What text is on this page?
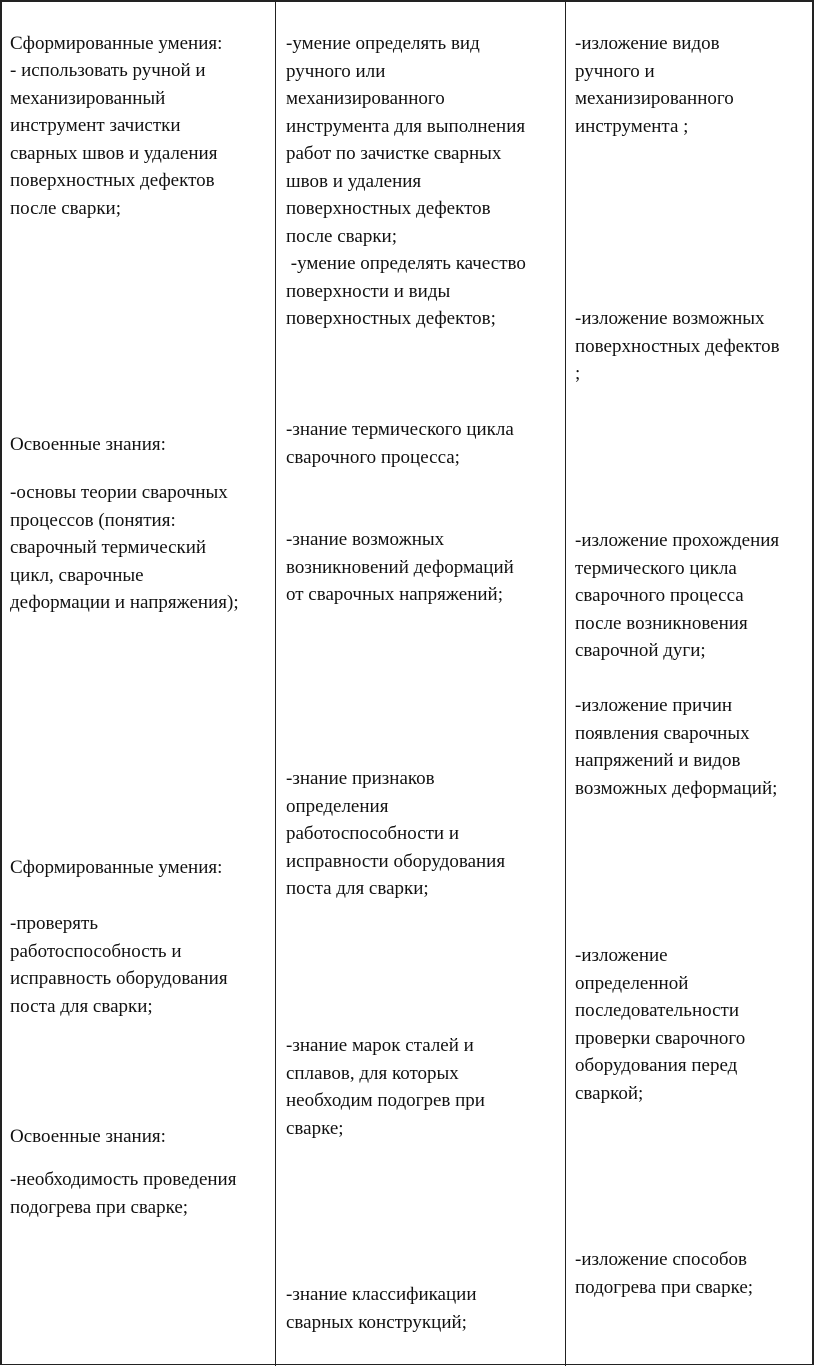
Сформированные умения:

- использовать ручной и
механизированный
инструмент зачистки
сварных швов и удаления
поверхностных дефектов
после сварки;

Освоенные знания:

-основы теории сварочных
процессов (понятия:
сварочный термический
цикл, сварочные
деформации и напряжения);

Сформированные умения:

-проверять
работоспособность и
исправность оборудования
поста для сварки;

Освоенные знания:

-необходимость проведения
подогрева при сварке;

-умение определять вид
ручного или
механизированного
инструмента для выполнения
работ по зачистке сварных
швов и удаления
поверхностных дефектов
после сварки;

-умение определять качество
поверхности и виды
поверхностных дефектов;

-знание термического цикла
сварочного процесса;

-знание возможных
возникновений деформаций
от сварочных напряжений;

-знание признаков
определения
работоспособности и
исправности оборудования
поста для сварки;

-знание марок сталей и
сплавов, для которых
необходим подогрев при
сварке;

-знание классификации
сварных конструкций;

-изложение видов
ручного и
механизированного
инструмента ;

-изложение возможных
поверхностных дефектов
;

-изложение прохождения
термического цикла
сварочного процесса
после возникновения
сварочной дуги;

-изложение причин
появления сварочных
напряжений и видов
возможных деформаций;

-изложение
определенной
последовательности
проверки сварочного
оборудования перед
сваркой;

-изложение способов
подогрева при сварке;
